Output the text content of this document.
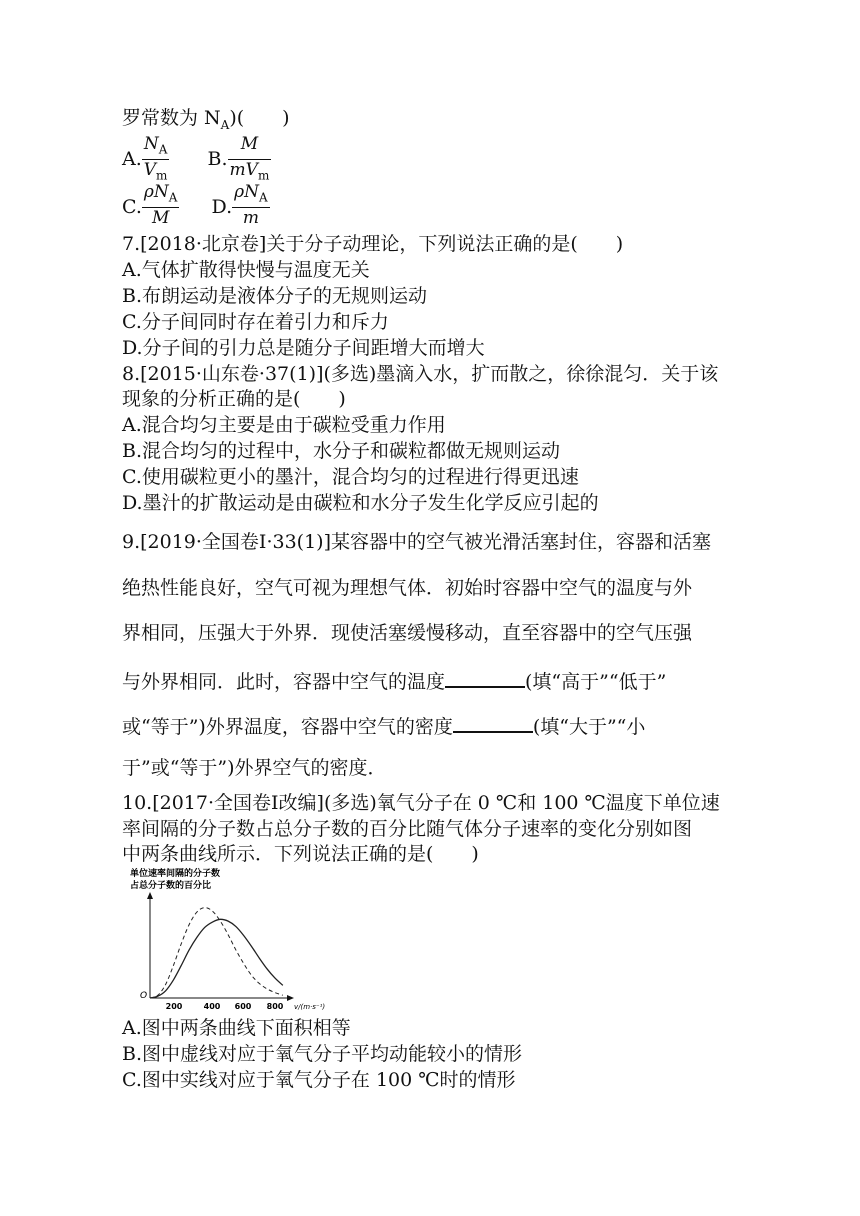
罗常数为 $N_A$)(　　)
A. $\frac{N_A}{V_m} B$. $\frac{M}{mV_m}$
C. $\frac{\rho N_A}{M} D$. $\frac{\rho N_A}{m}$
7.[2018·北京卷]关于分子动理论，下列说法正确的是(　　)
A.气体扩散得快慢与温度无关
B.布朗运动是液体分子的无规则运动
C.分子间同时存在着引力和斥力
D.分子间的引力总是随分子间距增大而增大
8.[2015·山东卷·37(1)](多选)墨滴入水，扩而散之，徐徐混匀．关于该
现象的分析正确的是(　　)
A.混合均匀主要是由于碳粒受重力作用
B.混合均匀的过程中，水分子和碳粒都做无规则运动
C.使用碳粒更小的墨汁，混合均匀的过程进行得更迅速
D.墨汁的扩散运动是由碳粒和水分子发生化学反应引起的
9.[2019·全国卷Ⅰ·33(1)]某容器中的空气被光滑活塞封住，容器和活塞
绝热性能良好，空气可视为理想气体．初始时容器中空气的温度与外
界相同，压强大于外界．现使活塞缓慢移动，直至容器中的空气压强
与外界相同．此时，容器中空气的温度	(填“高于”“低于”
或“等于”)外界温度，容器中空气的密度	(填“大于”“小
于”或“等于”)外界空气的密度．
10.[2017·全国卷Ⅰ改编](多选)氧气分子在 0 ℃和 100 ℃温度下单位速
率间隔的分子数占总分子数的百分比随气体分子速率的变化分别如图
中两条曲线所示．下列说法正确的是(　　)
单位速率间隔的分子数
占总分子数的百分比
O
200	400 600 800 v/(m·s⁻¹)
A.图中两条曲线下面积相等
B.图中虚线对应于氧气分子平均动能较小的情形
C.图中实线对应于氧气分子在 100 ℃时的情形
